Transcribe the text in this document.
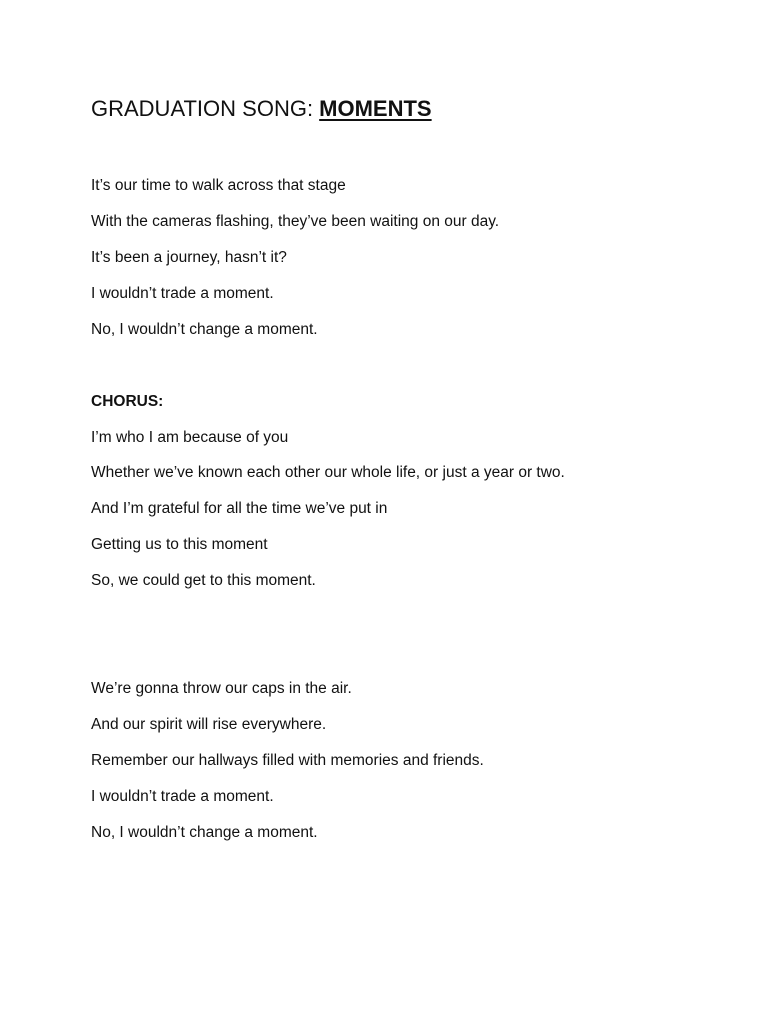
GRADUATION SONG: MOMENTS
It’s our time to walk across that stage
With the cameras flashing, they’ve been waiting on our day.
It’s been a journey, hasn’t it?
I wouldn’t trade a moment.
No, I wouldn’t change a moment.
CHORUS:
I’m who I am because of you
Whether we’ve known each other our whole life, or just a year or two.
And I’m grateful for all the time we’ve put in
Getting us to this moment
So, we could get to this moment.
We’re gonna throw our caps in the air.
And our spirit will rise everywhere.
Remember our hallways filled with memories and friends.
I wouldn’t trade a moment.
No, I wouldn’t change a moment.
